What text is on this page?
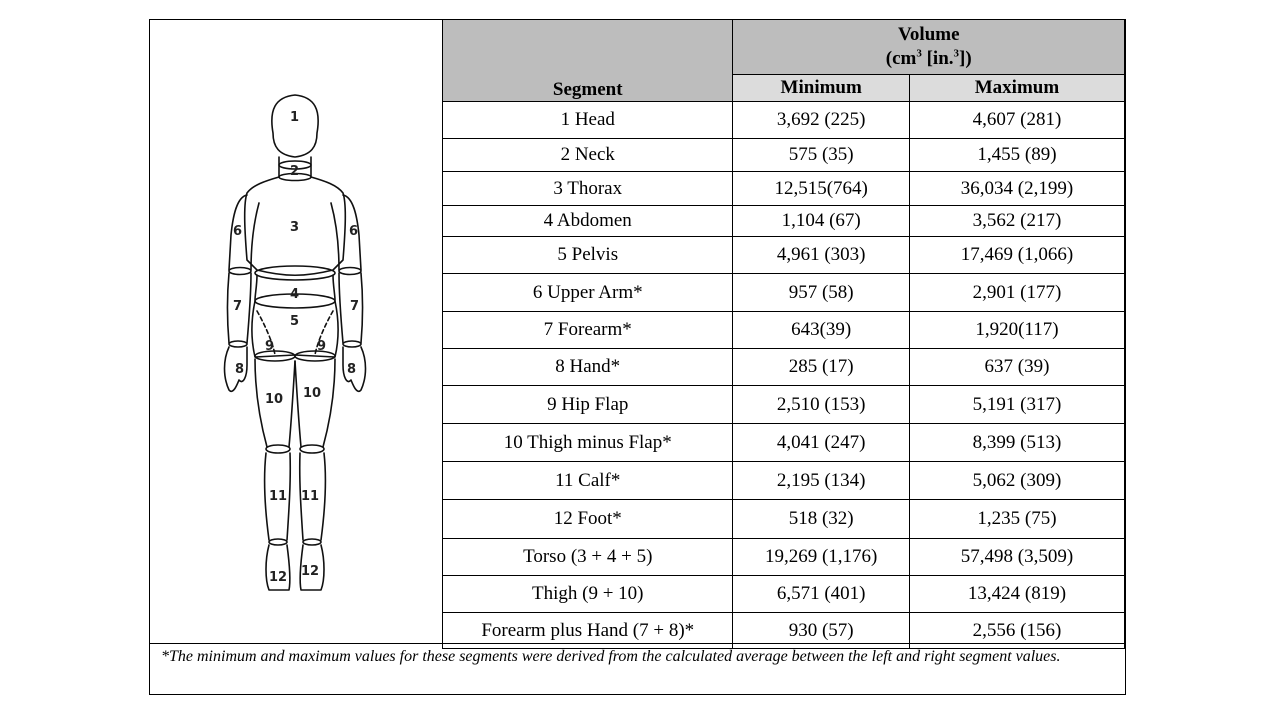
1
2
3
4
5
6	6
7	7
8	8
9	9
10 10
11 11
12 12
Segment	Volume
($cm^3$ [in.$^3$])	
	Minimum	Maximum
1 Head	3,692 (225)	4,607 (281)
2 Neck	575 (35)	1,455 (89)
3 Thorax	12,515(764)	36,034 (2,199)
4 Abdomen	1,104 (67)	3,562 (217)
5 Pelvis	4,961 (303)	17,469 (1,066)
6 Upper Arm*	957 (58)	2,901 (177)
7 Forearm*	643(39)	1,920(117)
8 Hand*	285 (17)	637 (39)
9 Hip Flap	2,510 (153)	5,191 (317)
10 Thigh minus Flap*	4,041 (247)	8,399 (513)
11 Calf*	2,195 (134)	5,062 (309)
12 Foot*	518 (32)	1,235 (75)
Torso (3 + 4 + 5)	19,269 (1,176)	57,498 (3,509)
Thigh (9 + 10)	6,571 (401)	13,424 (819)
Forearm plus Hand (7 + 8)*	930 (57)	2,556 (156)
*The minimum and maximum values for these segments were derived from the calculated average between the left and right segment values.
